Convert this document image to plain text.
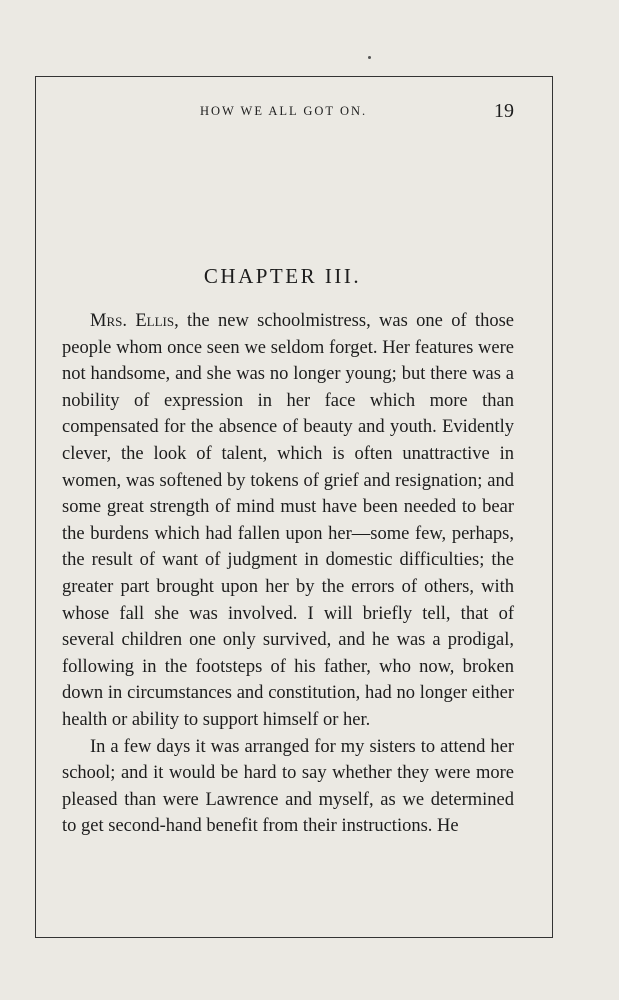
HOW WE ALL GOT ON.	19
CHAPTER III.

Mrs. Ellis, the new schoolmistress, was one of those people whom once seen we seldom forget. Her features were not handsome, and she was no longer young; but there was a nobility of expression in her face which more than compensated for the absence of beauty and youth. Evidently clever, the look of talent, which is often unattractive in women, was softened by tokens of grief and resignation; and some great strength of mind must have been needed to bear the burdens which had fallen upon her—some few, perhaps, the result of want of judgment in domestic difficulties; the greater part brought upon her by the errors of others, with whose fall she was involved. I will briefly tell, that of several children one only survived, and he was a prodigal, following in the footsteps of his father, who now, broken down in circumstances and constitution, had no longer either health or ability to support himself or her.

In a few days it was arranged for my sisters to attend her school; and it would be hard to say whether they were more pleased than were Lawrence and myself, as we determined to get second-hand benefit from their instructions. He
